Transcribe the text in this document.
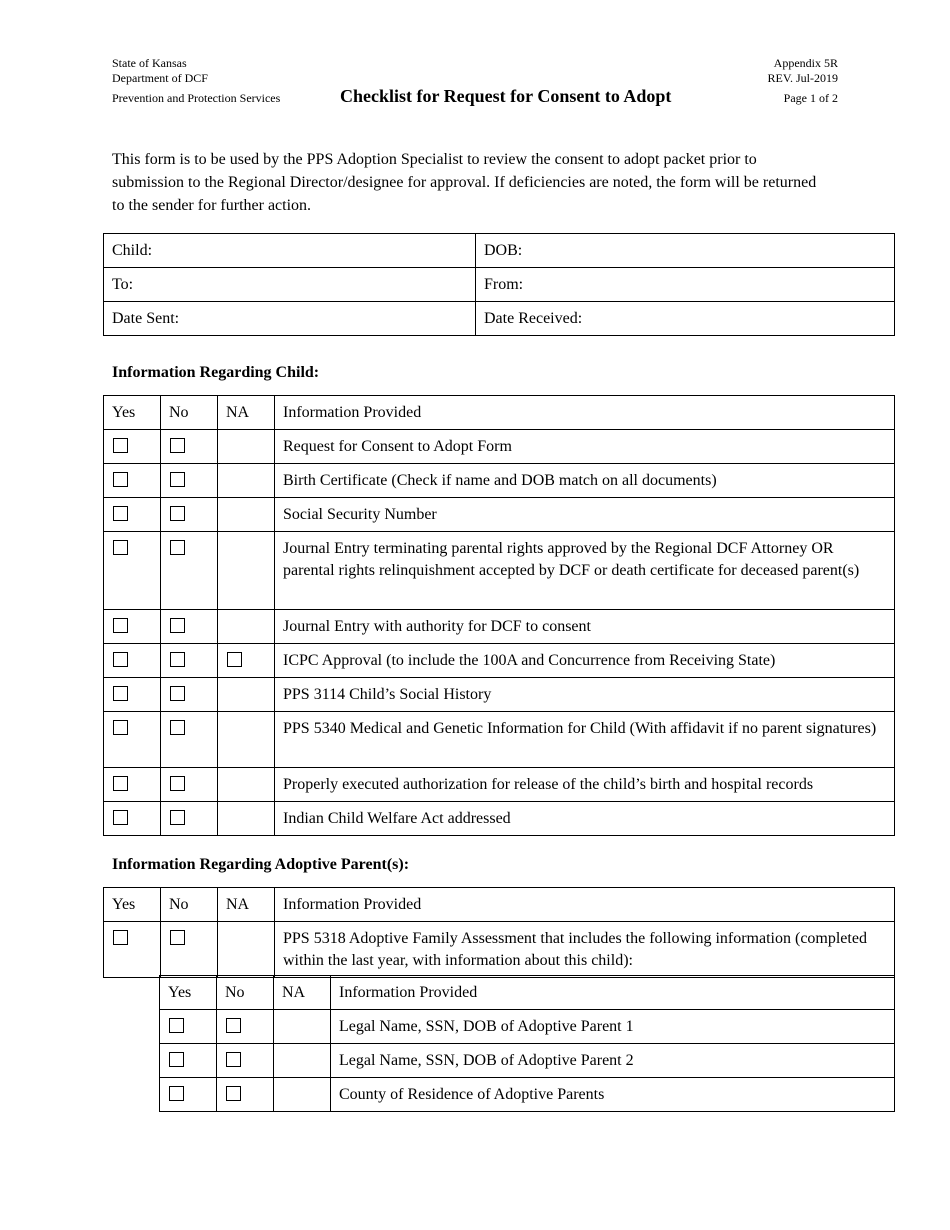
State of Kansas
Department of DCF
Prevention and Protection Services	Checklist for Request for Consent to Adopt
Appendix 5R
REV. Jul-2019
Page 1 of 2
This form is to be used by the PPS Adoption Specialist to review the consent to adopt packet prior to submission to the Regional Director/designee for approval. If deficiencies are noted, the form will be returned to the sender for further action.
Child:	DOB:
To:	From:
Date Sent:	Date Received:
Information Regarding Child:
Yes	No	NA	Information Provided
			Request for Consent to Adopt Form
			Birth Certificate (Check if name and DOB match on all documents)
			Social Security Number
			Journal Entry terminating parental rights approved by the Regional DCF Attorney OR parental rights relinquishment accepted by DCF or death certificate for deceased parent(s)
			Journal Entry with authority for DCF to consent
			ICPC Approval (to include the 100A and Concurrence from Receiving State)
			PPS 3114 Child’s Social History
			PPS 5340 Medical and Genetic Information for Child (With affidavit if no parent signatures)
			Properly executed authorization for release of the child’s birth and hospital records
			Indian Child Welfare Act addressed
Information Regarding Adoptive Parent(s):
Yes	No	NA	Information Provided
			PPS 5318 Adoptive Family Assessment that includes the following information (completed within the last year, with information about this child):
Yes	No	NA	Information Provided
			Legal Name, SSN, DOB of Adoptive Parent 1
			Legal Name, SSN, DOB of Adoptive Parent 2
			County of Residence of Adoptive Parents
